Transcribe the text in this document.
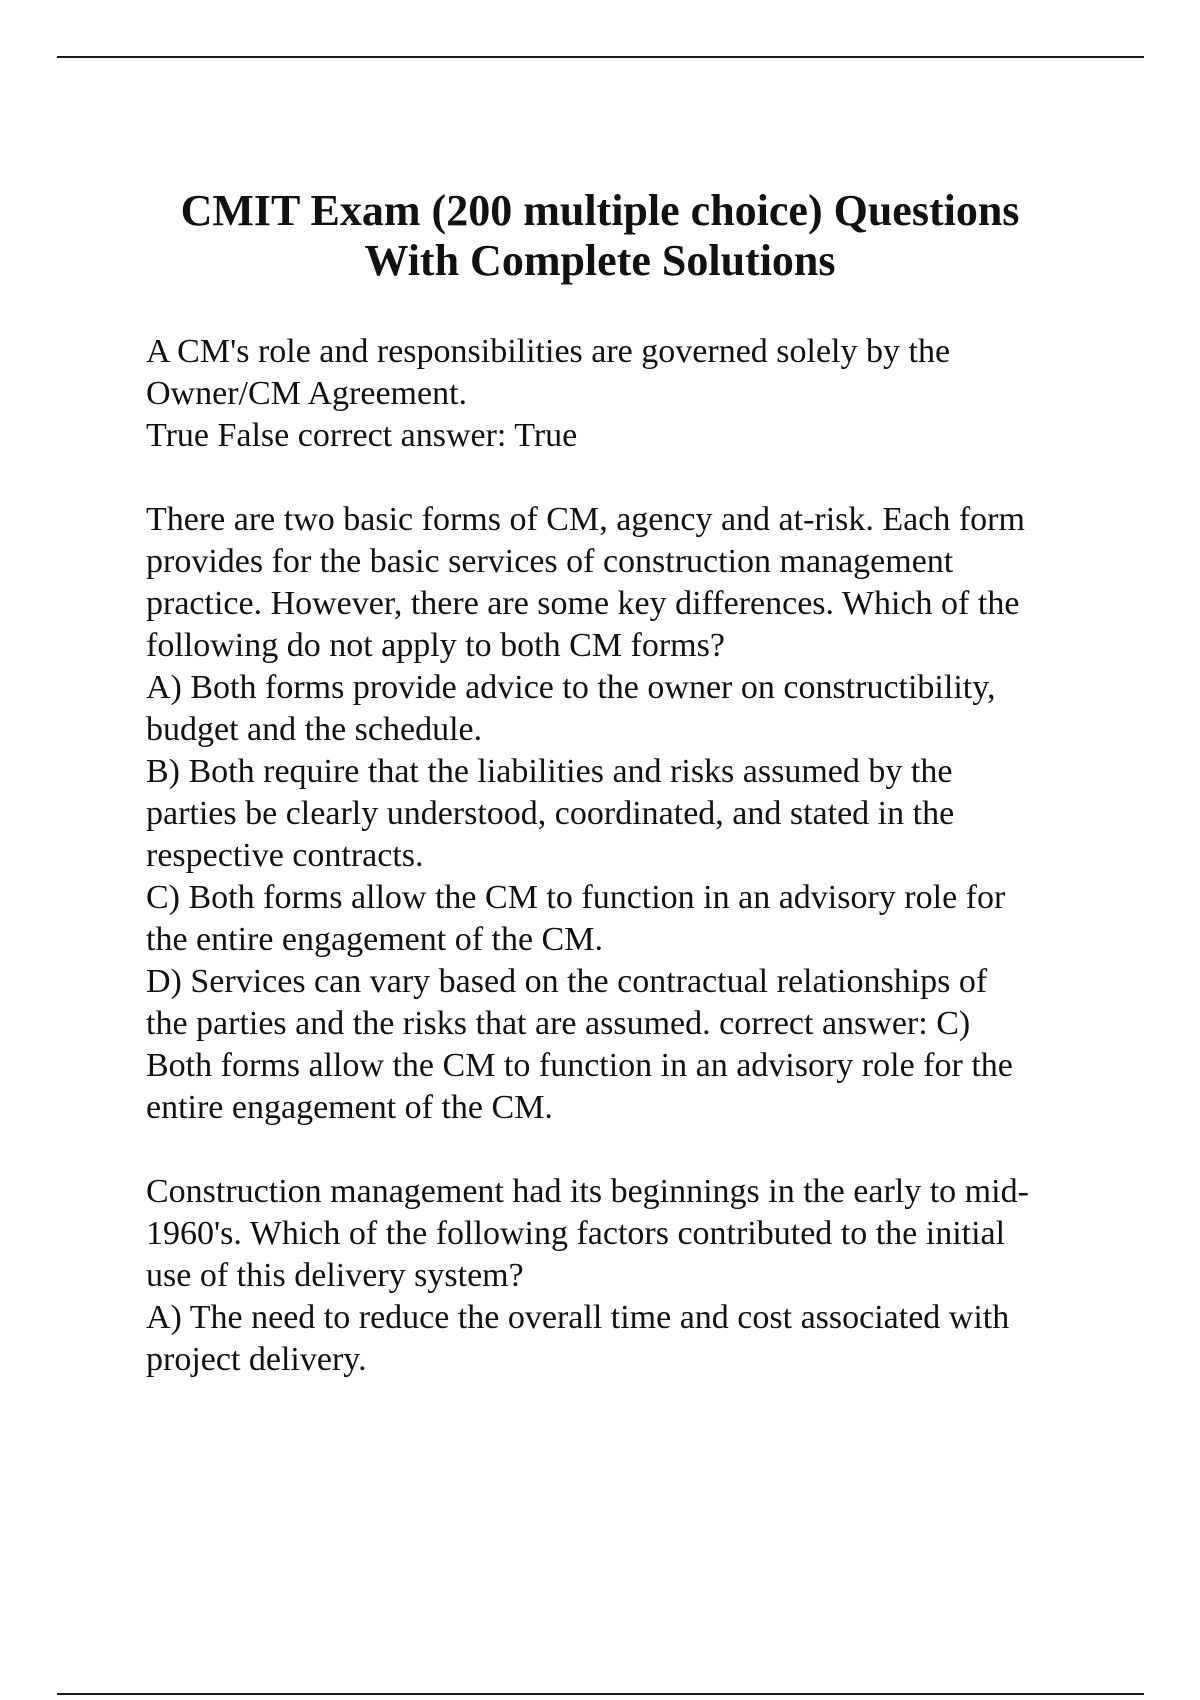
CMIT Exam (200 multiple choice) Questions
With Complete Solutions
A CM's role and responsibilities are governed solely by the
Owner/CM Agreement.
True False correct answer: True
There are two basic forms of CM, agency and at-risk. Each form
provides for the basic services of construction management
practice. However, there are some key differences. Which of the
following do not apply to both CM forms?
A) Both forms provide advice to the owner on constructibility,
budget and the schedule.
B) Both require that the liabilities and risks assumed by the
parties be clearly understood, coordinated, and stated in the
respective contracts.
C) Both forms allow the CM to function in an advisory role for
the entire engagement of the CM.
D) Services can vary based on the contractual relationships of
the parties and the risks that are assumed. correct answer: C)
Both forms allow the CM to function in an advisory role for the
entire engagement of the CM.
Construction management had its beginnings in the early to mid-
1960's. Which of the following factors contributed to the initial
use of this delivery system?
A) The need to reduce the overall time and cost associated with
project delivery.
